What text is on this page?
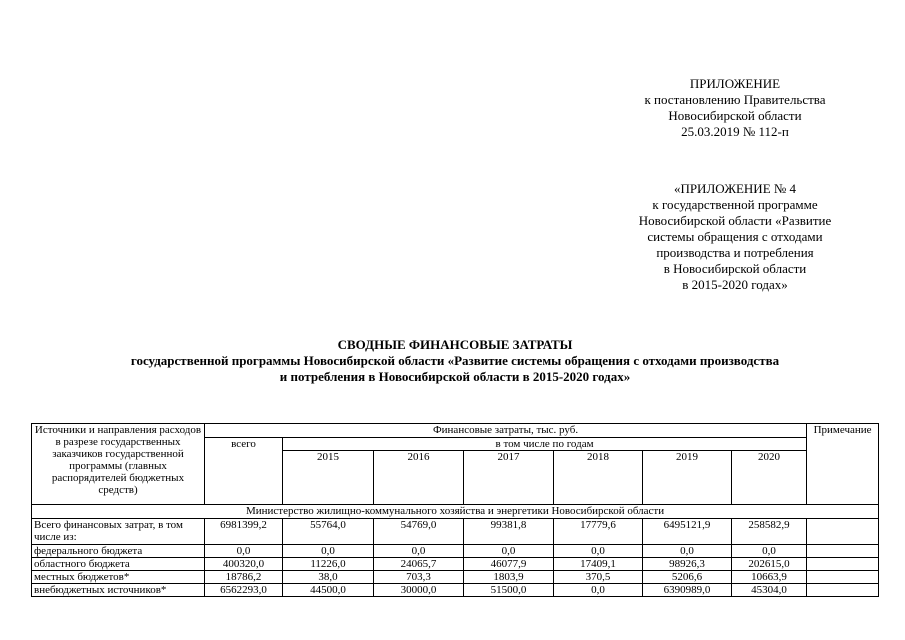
ПРИЛОЖЕНИЕ
к постановлению Правительства
Новосибирской области
25.03.2019 № 112-п
«ПРИЛОЖЕНИЕ № 4
к государственной программе
Новосибирской области «Развитие
системы обращения с отходами
производства и потребления
в Новосибирской области
в 2015-2020 годах»
СВОДНЫЕ ФИНАНСОВЫЕ ЗАТРАТЫ
государственной программы Новосибирской области «Развитие системы обращения с отходами производства
и потребления в Новосибирской области в 2015-2020 годах»
Источники и направления расходов в разрезе государственных заказчиков государственной программы (главных распорядителей бюджетных средств)	Финансовые затраты, тыс. руб.							Примечание
	всего	в том числе по годам						
		2015	2016	2017	2018	2019	2020	
Министерство жилищно-коммунального хозяйства и энергетики Новосибирской области								
Всего финансовых затрат, в том числе из:	6981399,2	55764,0	54769,0	99381,8	17779,6	6495121,9	258582,9	
федерального бюджета	0,0	0,0	0,0	0,0	0,0	0,0	0,0	
областного бюджета	400320,0	11226,0	24065,7	46077,9	17409,1	98926,3	202615,0	
местных бюджетов*	18786,2	38,0	703,3	1803,9	370,5	5206,6	10663,9	
внебюджетных источников*	6562293,0	44500,0	30000,0	51500,0	0,0	6390989,0	45304,0	
